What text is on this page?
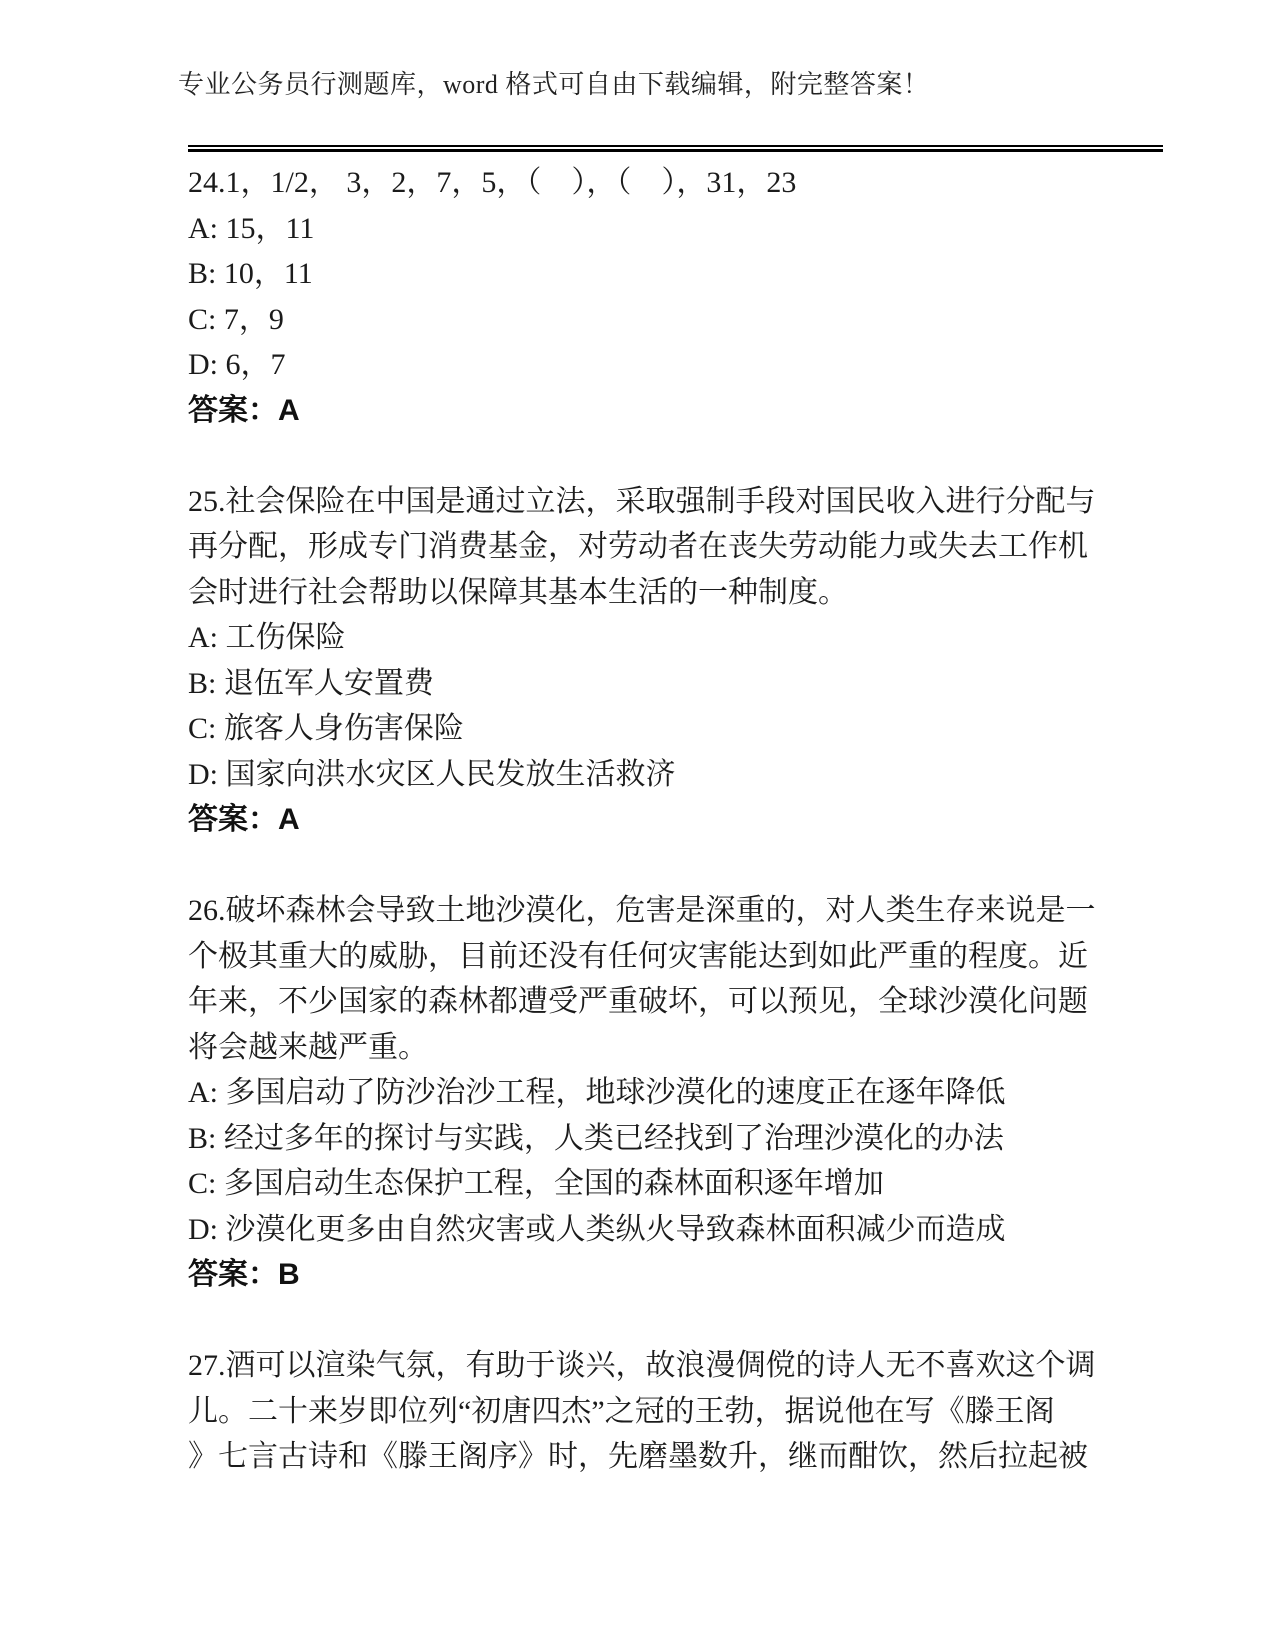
专业公务员行测题库，word 格式可自由下载编辑，附完整答案！
24.1，1/2， 3，2，7，5，（　），（　），31，23
A: 15，11
B: 10，11
C: 7，9
D: 6，7
答案：A
25.社会保险在中国是通过立法，采取强制手段对国民收入进行分配与
再分配，形成专门消费基金，对劳动者在丧失劳动能力或失去工作机
会时进行社会帮助以保障其基本生活的一种制度。
A: 工伤保险
B: 退伍军人安置费
C: 旅客人身伤害保险
D: 国家向洪水灾区人民发放生活救济
答案：A
26.破坏森林会导致土地沙漠化，危害是深重的，对人类生存来说是一
个极其重大的威胁，目前还没有任何灾害能达到如此严重的程度。近
年来，不少国家的森林都遭受严重破坏，可以预见，全球沙漠化问题
将会越来越严重。
A: 多国启动了防沙治沙工程，地球沙漠化的速度正在逐年降低
B: 经过多年的探讨与实践，人类已经找到了治理沙漠化的办法
C: 多国启动生态保护工程，全国的森林面积逐年增加
D: 沙漠化更多由自然灾害或人类纵火导致森林面积减少而造成
答案：B
27.酒可以渲染气氛，有助于谈兴，故浪漫倜傥的诗人无不喜欢这个调
儿。二十来岁即位列“初唐四杰”之冠的王勃，据说他在写《滕王阁
》七言古诗和《滕王阁序》时，先磨墨数升，继而酣饮，然后拉起被
